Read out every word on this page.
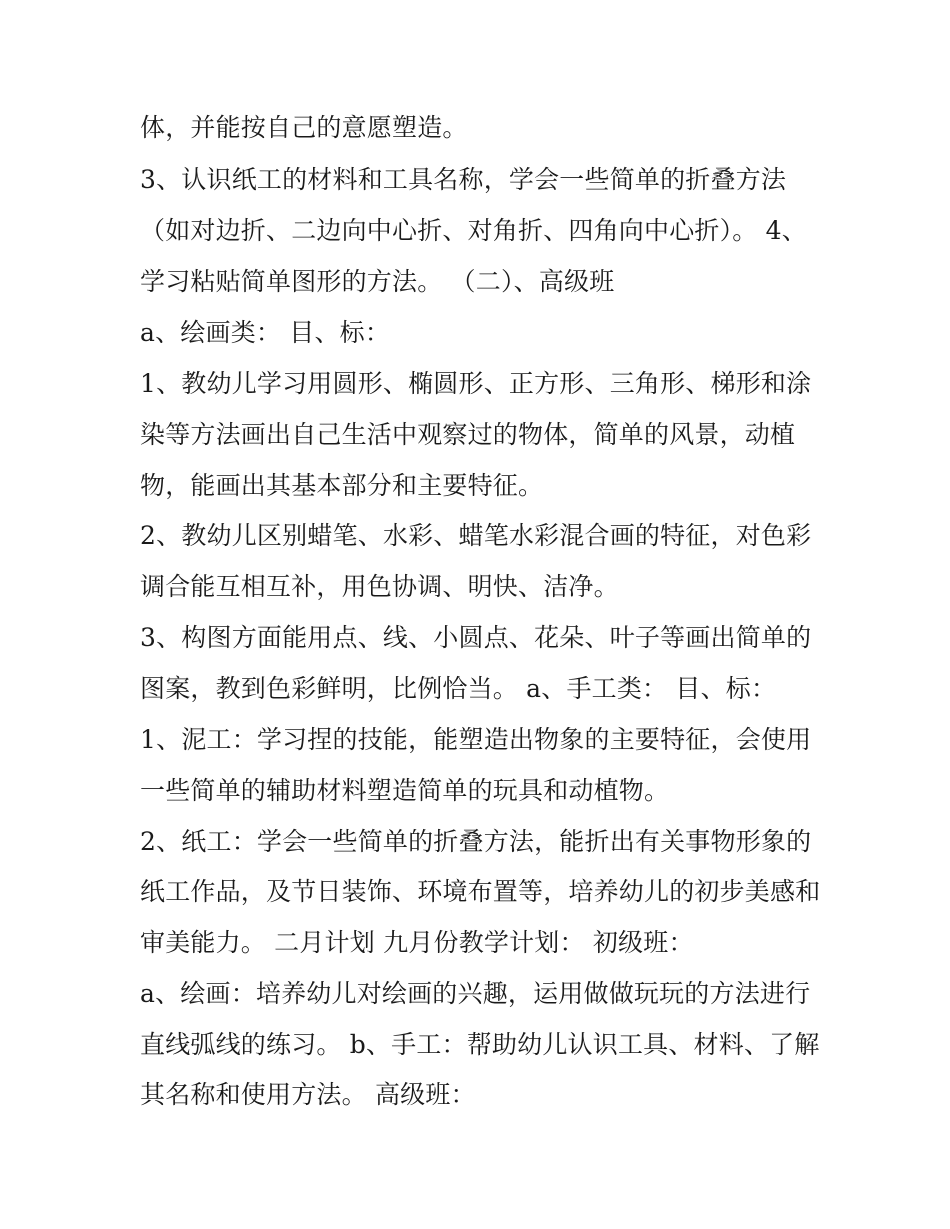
体，并能按自己的意愿塑造。
3、认识纸工的材料和工具名称，学会一些简单的折叠方法
（如对边折、二边向中心折、对角折、四角向中心折）。 4、
学习粘贴简单图形的方法。 （二）、高级班
a、绘画类： 目、标：
1、教幼儿学习用圆形、椭圆形、正方形、三角形、梯形和涂
染等方法画出自己生活中观察过的物体，简单的风景，动植
物，能画出其基本部分和主要特征。
2、教幼儿区别蜡笔、水彩、蜡笔水彩混合画的特征，对色彩
调合能互相互补，用色协调、明快、洁净。
3、构图方面能用点、线、小圆点、花朵、叶子等画出简单的
图案，教到色彩鲜明，比例恰当。 a、手工类： 目、标：
1、泥工：学习捏的技能，能塑造出物象的主要特征，会使用
一些简单的辅助材料塑造简单的玩具和动植物。
2、纸工：学会一些简单的折叠方法，能折出有关事物形象的
纸工作品，及节日装饰、环境布置等，培养幼儿的初步美感和
审美能力。 二月计划 九月份教学计划： 初级班：
a、绘画：培养幼儿对绘画的兴趣，运用做做玩玩的方法进行
直线弧线的练习。 b、手工：帮助幼儿认识工具、材料、了解
其名称和使用方法。 高级班：
